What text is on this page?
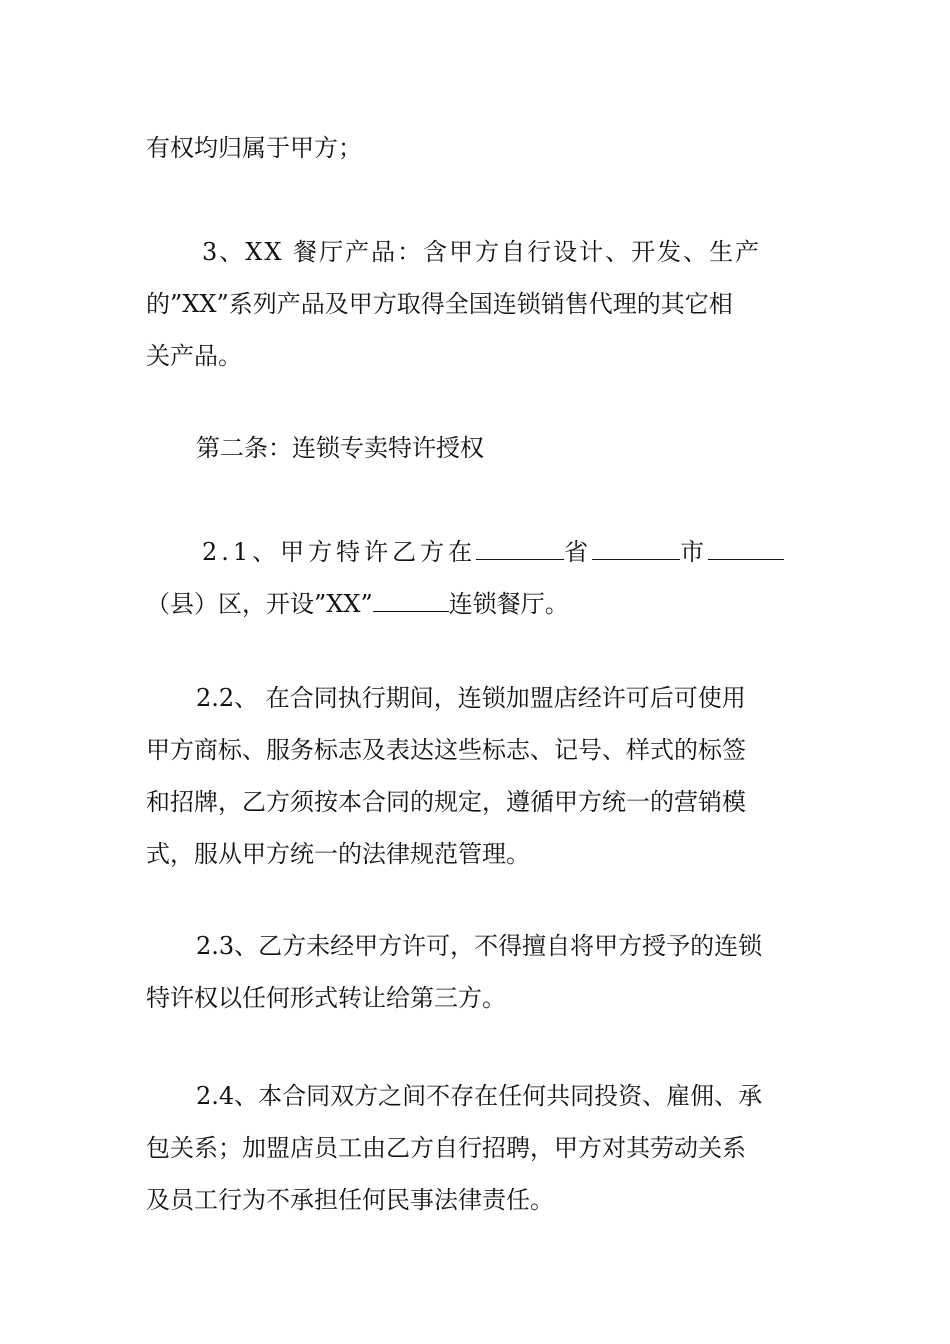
有权均归属于甲方；

3、XX 餐厅产品：含甲方自行设计、开发、生产
的”XX”系列产品及甲方取得全国连锁销售代理的其它相
关产品。

第二条：连锁专卖特许授权

2.1、甲方特许乙方在	省	市
（县）区，开设”XX”	连锁餐厅。

2.2、 在合同执行期间，连锁加盟店经许可后可使用
甲方商标、服务标志及表达这些标志、记号、样式的标签
和招牌，乙方须按本合同的规定，遵循甲方统一的营销模
式，服从甲方统一的法律规范管理。

2.3、乙方未经甲方许可，不得擅自将甲方授予的连锁
特许权以任何形式转让给第三方。

2.4、本合同双方之间不存在任何共同投资、雇佣、承
包关系；加盟店员工由乙方自行招聘，甲方对其劳动关系
及员工行为不承担任何民事法律责任。
